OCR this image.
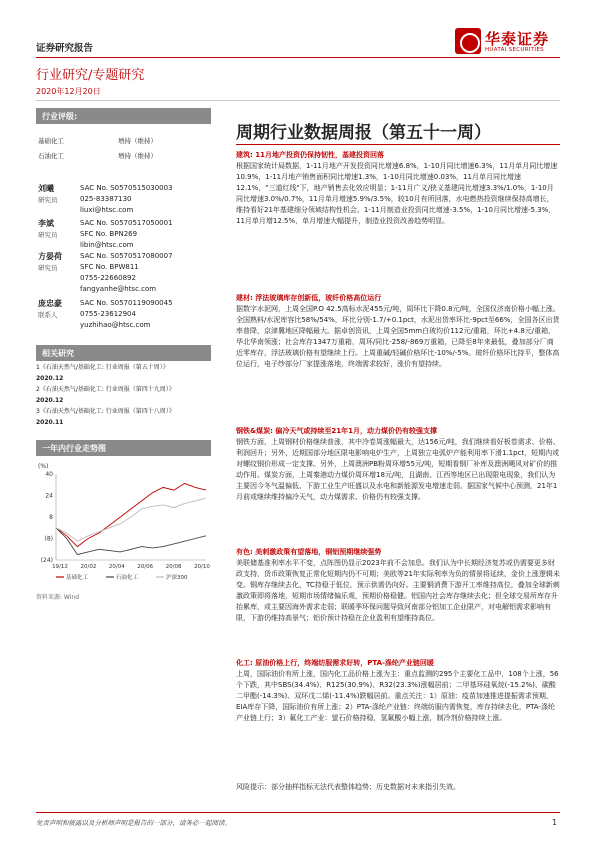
证券研究报告
华泰证券
HUATAI SECURITIES
行业研究/专题研究
2020年12月20日
行业评级:
基础化工	增持（维持）
石油化工	增持（维持）
刘曦
研究员
SAC No. S0570515030003
025-83387130
liuxi@htsc.com
李斌
研究员
SAC No. S0570517050001
SFC No. BPN269
libin@htsc.com
方晏荷
研究员
SAC No. S0570517080007
SFC No. BPW811
0755-22660892
fangyanhe@htsc.com
庞忠豪
联系人
SAC No. S0570119090045
0755-23612904
yuzhihao@htsc.com
相关研究
1《石油天然气/基础化工: 行业周报（第五十周）》
2020.12
2《石油天然气/基础化工: 行业周报（第四十九周）》
2020.12
3《石油天然气/基础化工: 行业周报（第四十八周）》
2020.11
一年内行业走势图
(%)
40
24
8
(8)
(24)
19/12 20/02 20/04 20/06 20/08 20/10
基础化工	石油化工	沪深300
资料来源: Wind
周期行业数据周报（第五十一周）
建筑: 11月地产投资仍保持韧性，基建投资回落
根据国家统计局数据，1-11月地产开发投资同比增速6.8%，1-10月同比增速6.3%，11月单月同比增速10.9%，1-11月地产销售面积同比增速1.3%，1-10月同比增速0.03%，11月单月同比增速12.1%，"三道红线"下，地产销售去化效应明显；1-11月广义/狭义基建同比增速3.3%/1.0%，1-10月同比增速3.0%/0.7%，11月单月增速5.9%/3.5%，较10月有所回落，水电燃热投资继续保持高增长，维持看好21年基建细分领域结构性机会。1-11月制造业投资同比增速-3.5%，1-10月同比增速-5.3%，11月单月增12.5%，单月增速大幅提升，制造业投资改善趋势明显。
建材: 浮法玻璃库存创新低，玻纤价格高位运行
据数字水泥网，上周全国P.O 42.5高标水泥455元/吨，周环比下降0.8元/吨，全国仅济南价格小幅上涨。全国熟料/水泥库容比58%/54%，环比分别-1.7/+0.1pct，水泥出货率环比-9pct至66%，全国各区出货率普降，京津冀地区降幅最大。据卓创资讯，上周全国5mm白玻均价112元/重箱，环比+4.8元/重箱，华北华南领涨；社会库存1347万重箱，周环/同比-258/-869万重箱，已降至8年来最低，叠加部分厂商近零库存，浮法玻璃价格有望继续上行。上周重碱/轻碱价格环比-10%/-5%。玻纤价格环比持平，整体高位运行，电子纱部分厂家提涨落地，终端需求较好，涨价有望持续。
钢铁&煤炭: 偏冷天气或持续至21年1月，动力煤价仍有较强支撑
钢铁方面，上周钢材价格继续普涨，其中冷卷周涨幅最大，达156元/吨，我们继续看好板卷需求、价格、利润回升；另外，近期国部分地区限电影响电炉生产，上周独立电弧炉产能利用率下滑1.1pct，短期内或对螺纹钢价形成一定支撑。另外，上周澳洲PB粉周环增55元/吨，短期看钢厂补库及澳洲飓风对矿价的推动作用。煤炭方面，上周秦港动力煤价周环增18元/吨，且湖南、江西等地区已出现限电现象，我们认为主要因今冬气温偏低、下游工业生产旺盛以及水电和新能源发电增速走弱。据国家气候中心预测，21年1月前或继续维持偏冷天气，动力煤需求、价格仍有较强支撑。
有色: 美刺激政策有望落地，铜铝预期继续强势
美联储基准利率水平不变，点阵图仍显示2023年前不会加息。我们认为中长期经济复苏或仍需要更多财政支持，货币政策恢复正常化短期内仍不可期；美欧等21年实际利率为负的情景将延续，金价上涨逻辑未变。铜库存继续去化，TC持稳于低位，预示供需仍向好。主要铜消费下游开工率维持高位，叠加全球新刺激政策即将落地，短期市场情绪偏乐观，预期价格稳健。铝国内社会库存继续去化；但全球交易所库存升抬累库，或主要因海外需求走弱；联暖季环保问题导致河南部分铝加工企业限产，对电解铝需求影响有限，下游仍维持高景气；铝价预计持稳在企业盈利有望维持高位。
化工: 原油价格上行，终端纺服需求好转，PTA-涤纶产业链回暖
上周，国际油价有所上涨，国内化工品价格上涨为主：重点监测的295个主要化工品中，108个上涨，56个下跌，其中SBS(34.4%)、R125(30.9%)、R32(23.3%)涨幅居前；二甲基环硅氧烷(-15.2%)、碳酸二甲酯(-14.3%)、双环戊二烯(-11.4%)跌幅居前。重点关注：1）原油：疫苗加速推进提振需求预期，EIA库存下降，国际油价有所上涨；2）PTA-涤纶产业链：终端纺服内需恢复，库存持续去化，PTA-涤纶产业链上行；3）氟化工产业：萤石价格持稳，氢氟酸小幅上涨，制冷剂价格持续上涨。
风险提示：部分抽样指标无法代表整体趋势；历史数据对未来指引失效。
免责声明和披露以及分析师声明是报告的一部分，请务必一起阅读。	1
